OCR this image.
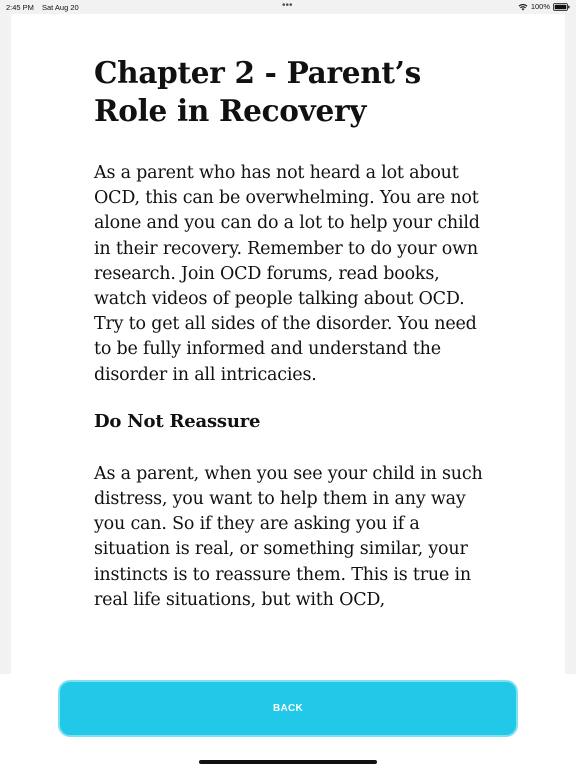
2:45 PM Sat Aug 20	•••	100%
Chapter 2 - Parent’s Role in Recovery

As a parent who has not heard a lot about OCD, this can be overwhelming. You are not alone and you can do a lot to help your child in their recovery. Remember to do your own research. Join OCD forums, read books, watch videos of people talking about OCD. Try to get all sides of the disorder. You need to be fully informed and understand the disorder in all intricacies.

Do Not Reassure

As a parent, when you see your child in such distress, you want to help them in any way you can. So if they are asking you if a situation is real, or something similar, your instincts is to reassure them. This is true in real life situations, but with OCD,

BACK
